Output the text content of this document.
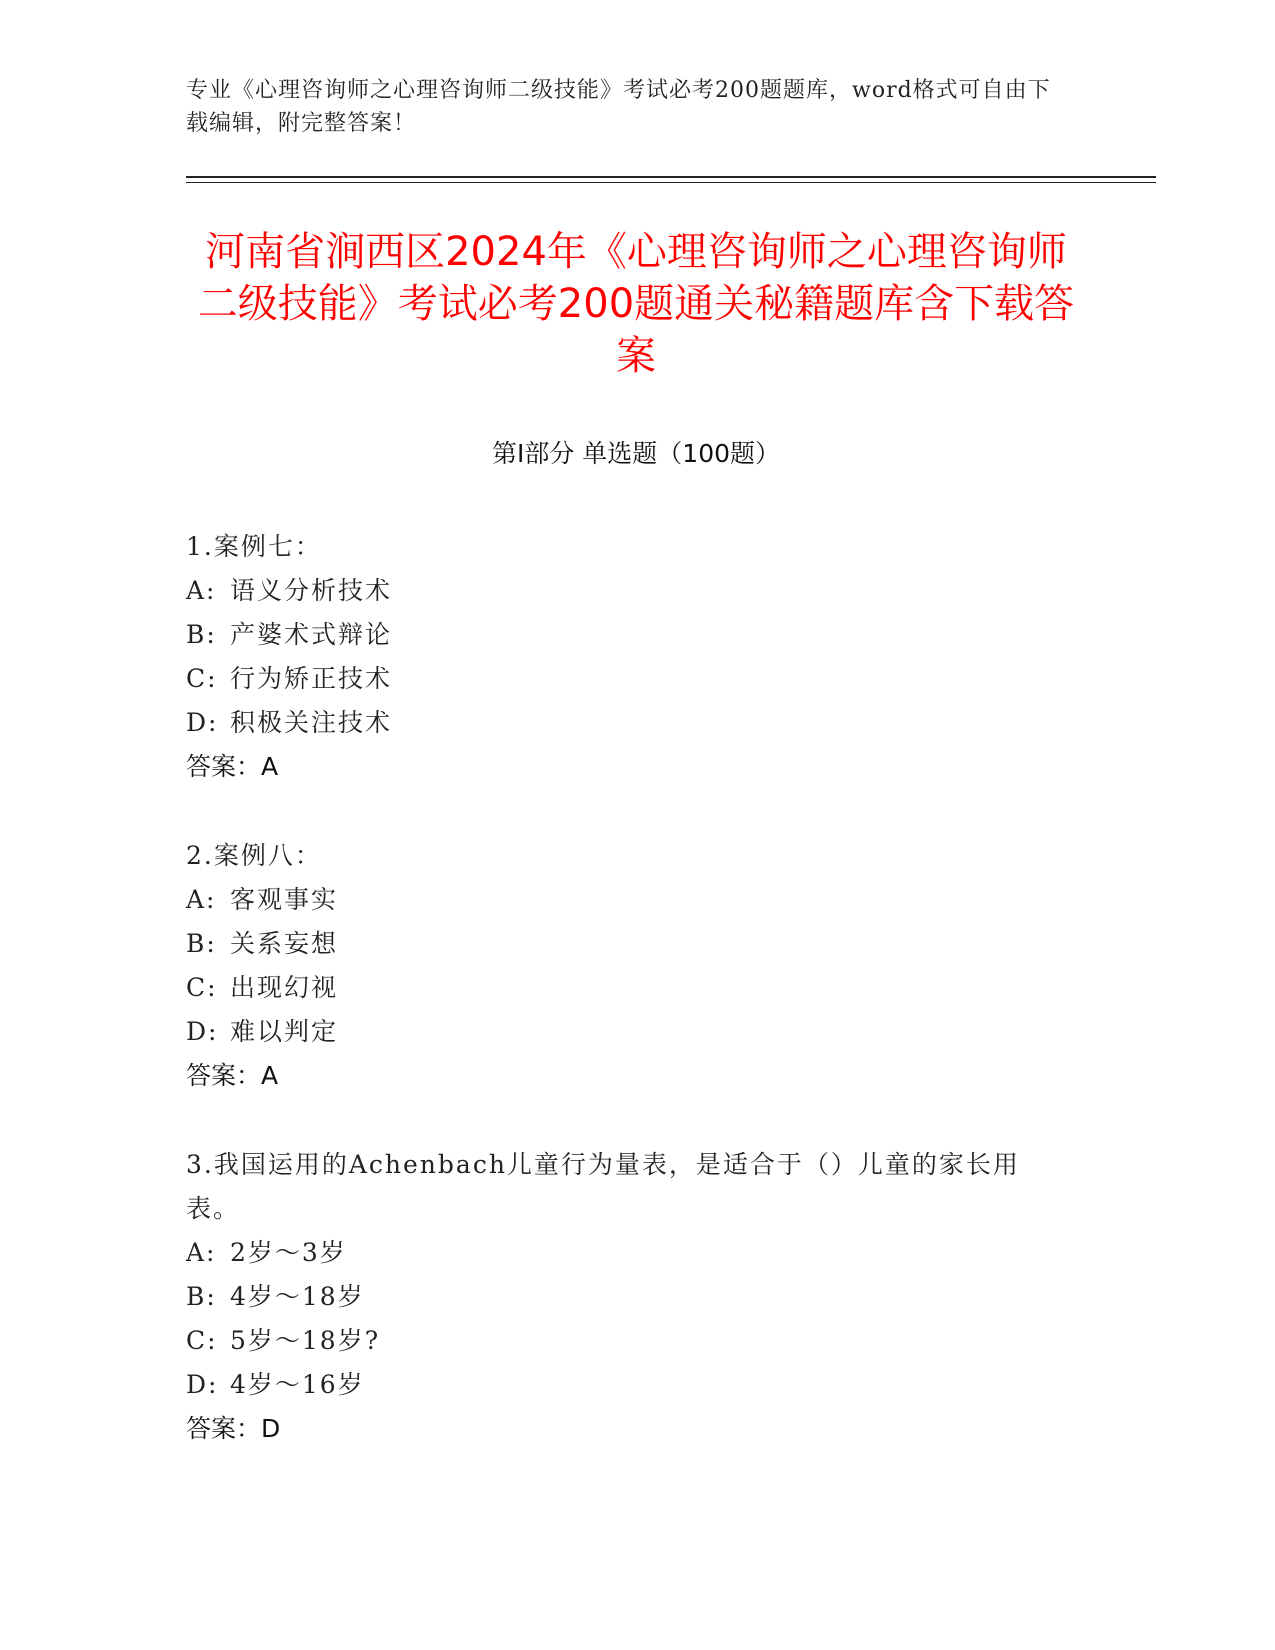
专业《心理咨询师之心理咨询师二级技能》考试必考200题题库，word格式可自由下载编辑，附完整答案！
河南省涧西区2024年《心理咨询师之心理咨询师二级技能》考试必考200题通关秘籍题库含下载答案
第Ⅰ部分 单选题（100题）
1.案例七：
A: 语义分析技术
B: 产婆术式辩论
C: 行为矫正技术
D: 积极关注技术
答案：A
2.案例八：
A: 客观事实
B: 关系妄想
C: 出现幻视
D: 难以判定
答案：A
3.我国运用的Achenbach儿童行为量表，是适合于（）儿童的家长用表。
A: 2岁～3岁
B: 4岁～18岁
C: 5岁～18岁?
D: 4岁～16岁
答案：D
